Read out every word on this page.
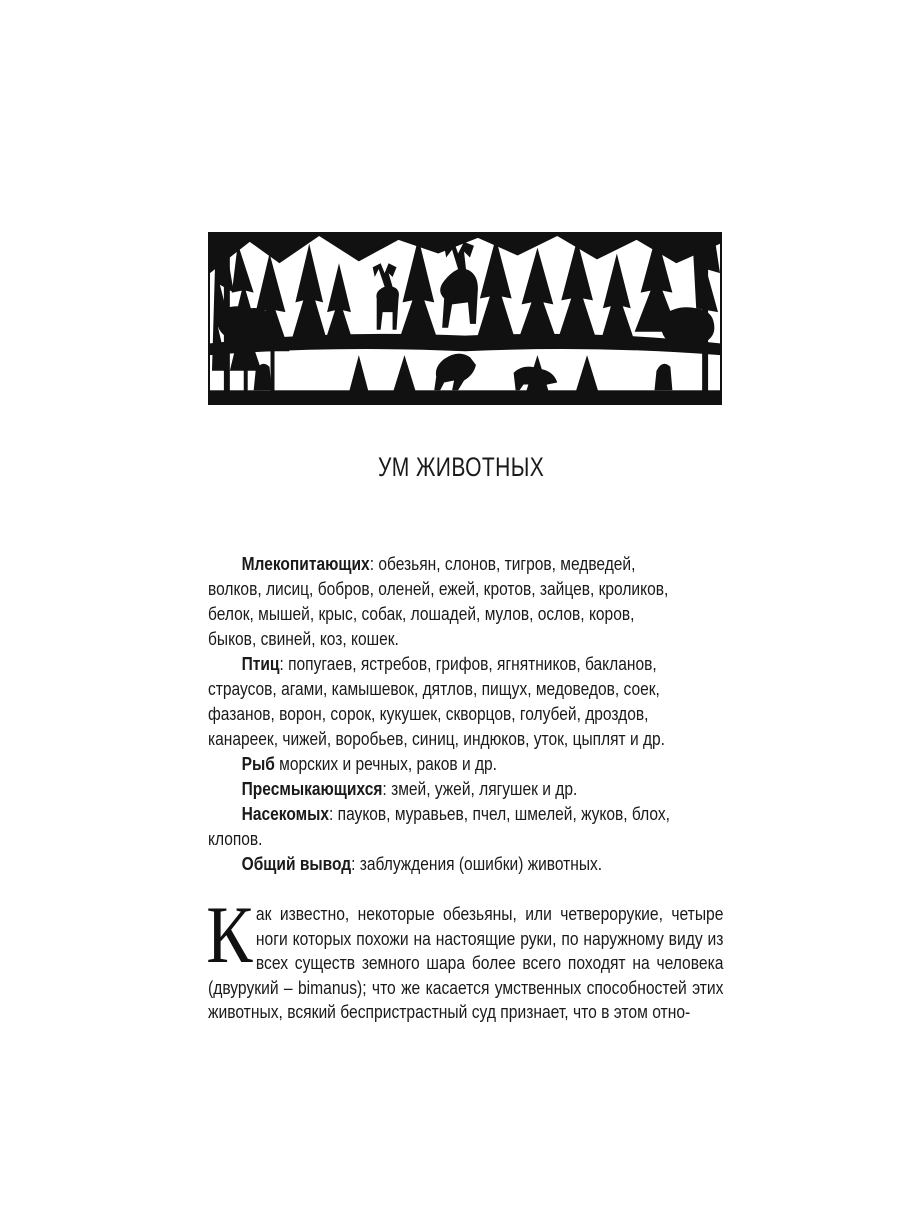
УМ ЖИВОТНЫХ

Млекопитающих: обезьян, слонов, тигров, медведей, волков, лисиц, бобров, оленей, ежей, кротов, зайцев, кроликов, белок, мышей, крыс, собак, лошадей, мулов, ослов, коров, быков, свиней, коз, кошек.

Птиц: попугаев, ястребов, грифов, ягнятников, бакланов, страусов, агами, камышевок, дятлов, пищух, медоведов, соек, фазанов, ворон, сорок, кукушек, скворцов, голубей, дроздов, канареек, чижей, воробьев, синиц, индюков, уток, цыплят и др.

Рыб морских и речных, раков и др.

Пресмыкающихся: змей, ужей, лягушек и др.

Насекомых: пауков, муравьев, пчел, шмелей, жуков, блох, клопов.

Общий вывод: заблуждения (ошибки) животных.

Как известно, некоторые обезьяны, или четверорукие, четыре ноги которых похожи на настоящие руки, по наружному виду из всех существ земного шара более всего походят на человека (двурукий – bimanus); что же касается умственных способностей этих животных, всякий беспристрастный суд признает, что в этом отно-
